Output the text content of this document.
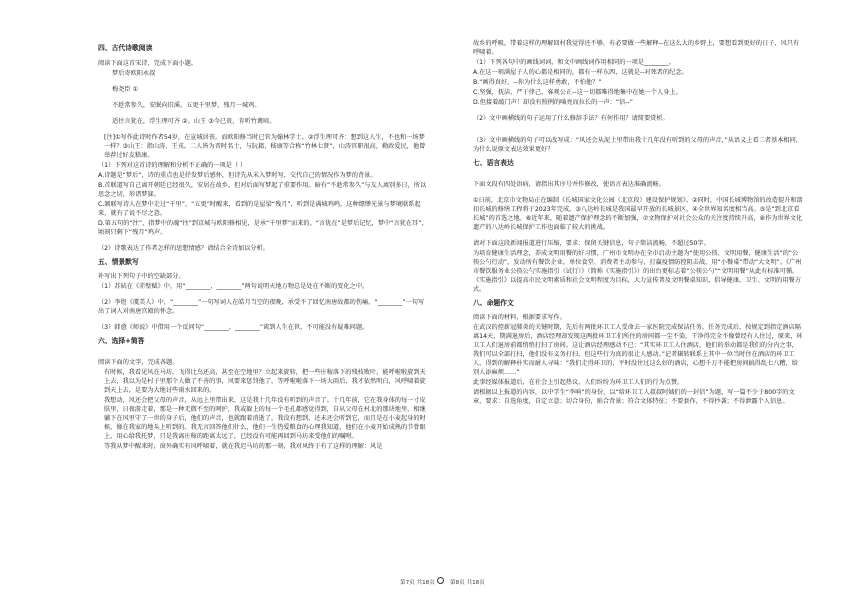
四、古代诗歌阅读

阅读下面这首宋诗，完成下面小题。

梦后寄欧阳永叔

梅尧臣 ①

不趁常参久，安眠向旧溪。五更千里梦，残月一城鸡。

适往言犹在，浮生理可齐 ②。山王 ③今已贵，肯听竹禽啼。

[注]①写作此诗时作者54岁，在宣城居丧。而欧阳修当时已官为翰林学士。②浮生理可齐：想到这人生，不也和一场梦一样？③山王：指山涛、王戎。二人皆为晋时名士，与阮籍、嵇康等合称“竹林七贤”，山涛官职很高，勤政爱民，他曾举荐过好友嵇康。

（1）下列对这首诗的理解和分析不正确的一项是（ ）

A.诗题是“梦后”，诗的重点也是抒发梦后感怀，但诗先从未入梦时写，交代自己的情况作为梦的背景。

B.首联道写自己离开朝廷已经很久，安居在故乡，但对后面写梦起了重要作用。暗有“不趁常参久”与友人离别多日，所以思念之切，形诸梦寐。

C.颔联写诗人在梦中走过“千里”，“五更”时醒来，看到的是屋梁“残月”，听到是满城鸡鸣，这种缥缈光景与梦境联系起来，就有了说不尽之意。

D.第五句的“往”，指梦中的魂“往”到京城与欧阳修相见，是承“千里梦”而来的。“言犹在”是梦后记忆，梦中“言犹在耳”，顷刻只剩下“残月”鸡声。

（2）诗歌表达了作者怎样的思想情感？请结合全诗加以分析。

五、情景默写

补写出下列句子中的空缺部分。

（1）苏轼在《赤壁赋》中，用“________，________”两句说明天地万物总是处在不断的变化之中。

（2）李煜《虞美人》中，“________”一句写词人在皓月当空的夜晚，承受不了回忆南唐故都的伤痛。“________”一句写出了词人对南唐宫殿的怀念。

（3）韩愈《师说》中借用一个反问句“________，________”谈到人生在世，不可能没有疑难问题。

六、选择+简答

阅读下面的文字，完成各题。

有时候，我看见风在马坊，飞得比鸟还高，甚至在空地里？立起来旋转，把一些庄稼落下的残枝败叶，能呼啦啦旋到天上去，我以为是村子里那个人做了不善的事，风要来惩罚他了，等呼啦啦落下一场大雨后，我才依然明白，风呼啸着旋到天上去，是要为大地讨些雨水回来的。

我想动，风还会把父母的声音，从远上里带出来，这是我十几年没有听到的声音了。十几年前，它在我身体的每一寸皮肤里，日夜游走着，那是一种无微不至的呵护，我或躲上的每一个毛孔都感觉得到，自从父母在村北的那块地里，相继躺下在风里守了一世的身子后，他们的声音，也就跟着消逝了，我没有想到，还未还会听到它，而且是在小麦起身的时候，像在我家的地头上听到的。我无言回答他们什么，他们一生热爱粮食的心理我知道，他们在小麦开始成熟的节骨眼上，用心给我托梦，只是我离庄稼的距离太远了，已经没有可能再回到马坊来受他们的嘱咐。

等我从梦中醒来时，窗外确实有风呼啸着，就在我迟马坊的那一刻，我对风终于有了这样的理解：风是

故乡的呼吸，带着这样的理解回村我觉得还不够，有必要做一些解释--在这么大的乡野上，要想看到更好的日子，风只有呼啸着。

（1）下列各句中的画线词词，和文中画线词作用相同的一项是________。

A.在这一刻满屋子人的心都是相同的，都有一样东西，这就是--对死者的纪念。

B.“画得真好，--你为什么这样勇敢，不怕他？”

C.坚强，抚洁，严于律己，客观公正--这一切都唯得地集中在她一个人身上。

D.但接着敲门声！却没有照例的嗓亮而拉长的一声：“信--”

（2）文中画横线的句子运用了什么修辞手法？有何作用？请简要赏析。

（3）文中画横线的句子可以改写成：“风还会从泥土里带出我十几年没有听到的父母的声音，”从语义上看二者基本相同，为什么说原文表达效果更好？

七、语言表达

下面文段有四处语病，请指出其序号并作修改，使语言表达准确流畅。

①日前，北京市文物局正在编制《长城国家文化公园（北京段）建设保护规划》。②同时，中国长城博物馆的改造提升和箭扣长城的修缮工程将于2023年完成。③八达岭长城是我国最早开放的长城景区，④全世界知名度相当高。⑤是“到北京看长城”的首选之地。⑥近年来，随着遗产保护理念的不断加强，⑦文物保护对社会公众的关注度持续升高，⑧作为世界文化遗产的八达岭长城保护工作也面临了较大的挑战。

请对下面这段新闻报道进行压缩，要求：保留关键信息，句子简洁流畅，不超过50字。

为培育健康生活理念，养成文明用餐的好习惯，广州市文明办在全市启动主题为“使用公筷、文明用餐，健康生活”的“公筷公勺行动”，发动所有餐饮企业，单位食堂、消费者主动参与，打赢疫情防控阻击战，用“小餐桌”带动“大文明”。《广州市餐饮服务业公筷公勺实施指引（试行）》（简称《实施指引》）的出台更标志着“公筷公勺”“文明用餐”从此有标准可循。《实施指引》以提高市民文明素质和社会文明程度为目标，大力宣传普及文明餐桌知识，倡导健康、卫生、文明的用餐方式。

八、命题作文

阅读下面的材料，根据要求写作。

在武汉的控新冠肺炎的关键时期，先后有两批环卫工人受命去一家医院完成保洁任务。任务完成后，按规定到指定酒店隔离14天，期满退房后，酒店经理却发现这两批环卫工们所住的房间都一尘不染，干净得完全不像曾经有人住过，原来，环卫工人们退房前都悄悄打扫了房间。这让酒店经理感动不已：“其实环卫工人住酒店，他们的举动都是我们的分内之事，我们可以全部打扫，他们没有义务打扫，但这些行为真的很让人感动。”记者辗转联系上其中一位当时住在酒店的环卫工人，得到的解释朴实而耐人寻味：“我们走得环卫的，平时没住过这么好的酒店，心想千万不能把房间搞得乱七八糟，给别人添麻烦……”

此事经媒体报道后，在社会上引起热议。人们纷纷为环卫工人们的行为点赞。

请根据以上报道的内容，以中学生“李响”的身份，以“给环卫工人叔叔阿姨们的一封信”为题，写一篇不少于800字的文章，要求：自选角度，自定立意；切合身份，贴合背景；符合文体特征；不要套作，不得抄袭；不得泄露个人信息。

第7页 共18页	第8页 共18页
